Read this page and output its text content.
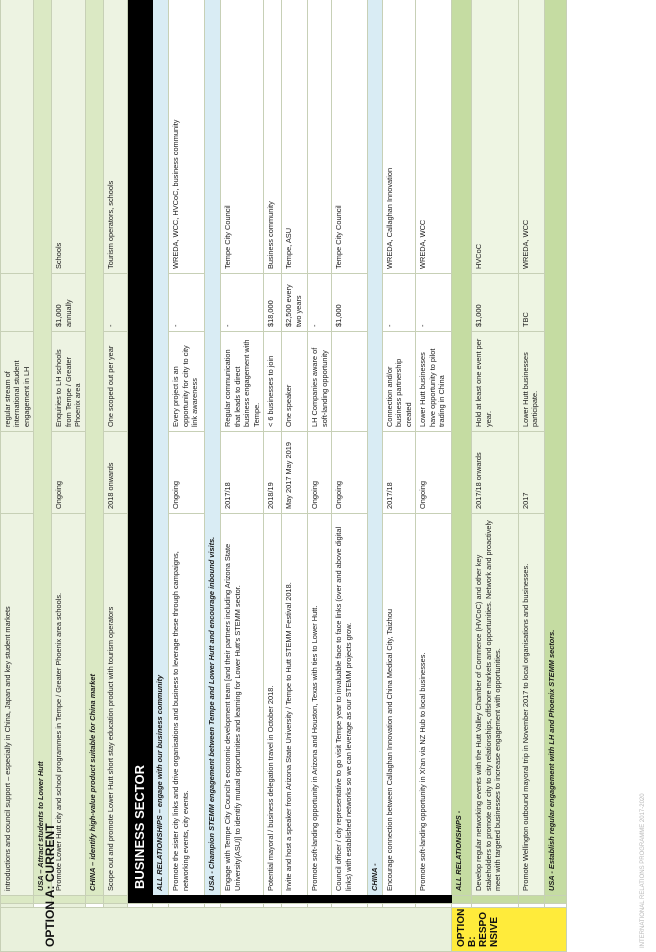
OPTION A: CURRENT			introductions and council support – especially in China, Japan and key student markets		regular stream of international student engagement in LH		
			USA – Attract students to Lower Hutt				
			Promote Lower Hutt city and school programmes in Tempe / Greater Phoenix area schools.	Ongoing	Enquiries to LH schools from Tempe / Greater Phoenix area	$1,000 annually	Schools
			CHINA – identify high-value product suitable for China market				
			Scope out and promote Lower Hutt short stay education product with tourism operators	2018 onwards	One scoped out per year	-	Tourism operators, schools
			BUSINESS SECTOR				
			ALL RELATIONSHIPS – engage with our business community				
			Promote the sister city links and drive organisations and business to leverage these through campaigns, networking events, city events.	Ongoing	Every project is an opportunity for city to city link awareness	-	WREDA, WCC, HVCoC, business community
			USA - Champion STEMM engagement between Tempe and Lower Hutt and encourage inbound visits.				
			Engage with Tempe City Council's economic development team [and their partners including Arizona State University(ASU)] to identify mutual opportunities and learning for Lower Hutt's STEMM sector.	2017/18	Regular communication that leads to direct business engagement with Tempe.	-	Tempe City Council
			Potential mayoral / business delegation travel in October 2018.	2018/19	< 6 businesses to join	$18,000	Business community
			Invite and host a speaker from Arizona State University / Tempe to Hutt STEMM Festival 2018.	May 2017 May 2019	One speaker	$2,500 every two years	Tempe, ASU
			Promote soft-landing opportunity in Arizona and Houston, Texas with ties to Lower Hutt.	Ongoing	LH Companies aware of soft-landing opportunity	-	
			Council officer / city representative to go visit Tempe year to invaluable face to face links (over and above digital links) with established networks so we can leverage as our STEMM projects grow.	Ongoing		$1,000	Tempe City Council
			CHINA -				
			Encourage connection between Callaghan Innovation and China Medical City, Taizhou	2017/18	Connection and/or business partnership created	-	WREDA, Callaghan Innovation
			Promote soft-landing opportunity in Xi'an via NZ Hub to local businesses.	Ongoing	Lower Hutt businesses have opportunity to pilot trading in China	-	WREDA, WCC

OPTION B: RESPONSIVE			ALL RELATIONSHIPS -				
			Develop regular networking events with the Hutt Valley Chamber of Commerce (HVCoC) and other key stakeholders to promote our city to city relationships, offshore markets and opportunities. Network and proactively meet with targeted businesses to increase engagement with opportunities.	2017/18 onwards	Hold at least one event per year.	$1,000	HVCoC
			Promote Wellington outbound mayoral trip in November 2017 to local organisations and businesses.	2017	Lower Hutt businesses participate.	TBC	WREDA, WCC
			USA - Establish regular engagement with LH and Phoenix STEMM sectors.					INTERNATIONAL RELATIONS PROGRAMME 2017-2020
